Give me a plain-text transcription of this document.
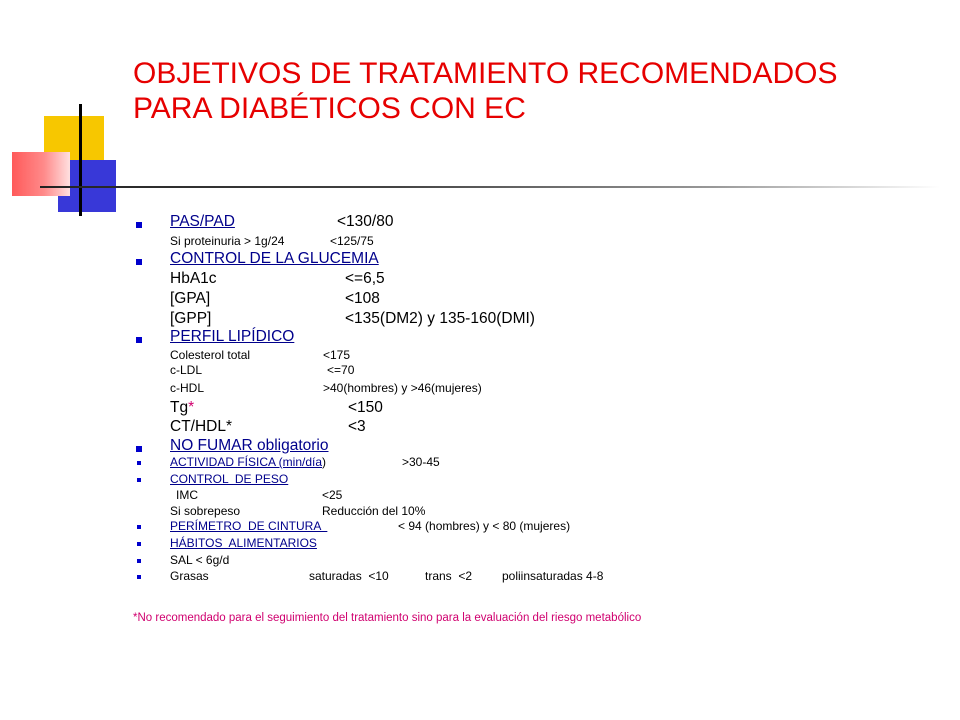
OBJETIVOS DE TRATAMIENTO RECOMENDADOS
PARA DIABÉTICOS CON EC
PAS/PAD	<130/80
Si proteinuria > 1g/24	<125/75
CONTROL DE LA GLUCEMIA
HbA1c	<=6,5
[GPA]	<108
[GPP]	<135(DM2) y 135-160(DMI)
PERFIL LIPÍDICO
Colesterol total	<175
c-LDL	<=70
c-HDL	>40(hombres) y >46(mujeres)
Tg*	<150
CT/HDL*	<3
NO FUMAR obligatorio
ACTIVIDAD FÍSICA (min/día)	>30-45
CONTROL  DE PESO
IMC	<25
Si sobrepeso	Reducción del 10%
PERÍMETRO  DE CINTURA	< 94 (hombres) y < 80 (mujeres)
HÁBITOS  ALIMENTARIOS
SAL < 6g/d
Grasas	saturadas  <10	trans  <2 poliinsaturadas 4-8
*No recomendado para el seguimiento del tratamiento sino para la evaluación del riesgo metabólico
